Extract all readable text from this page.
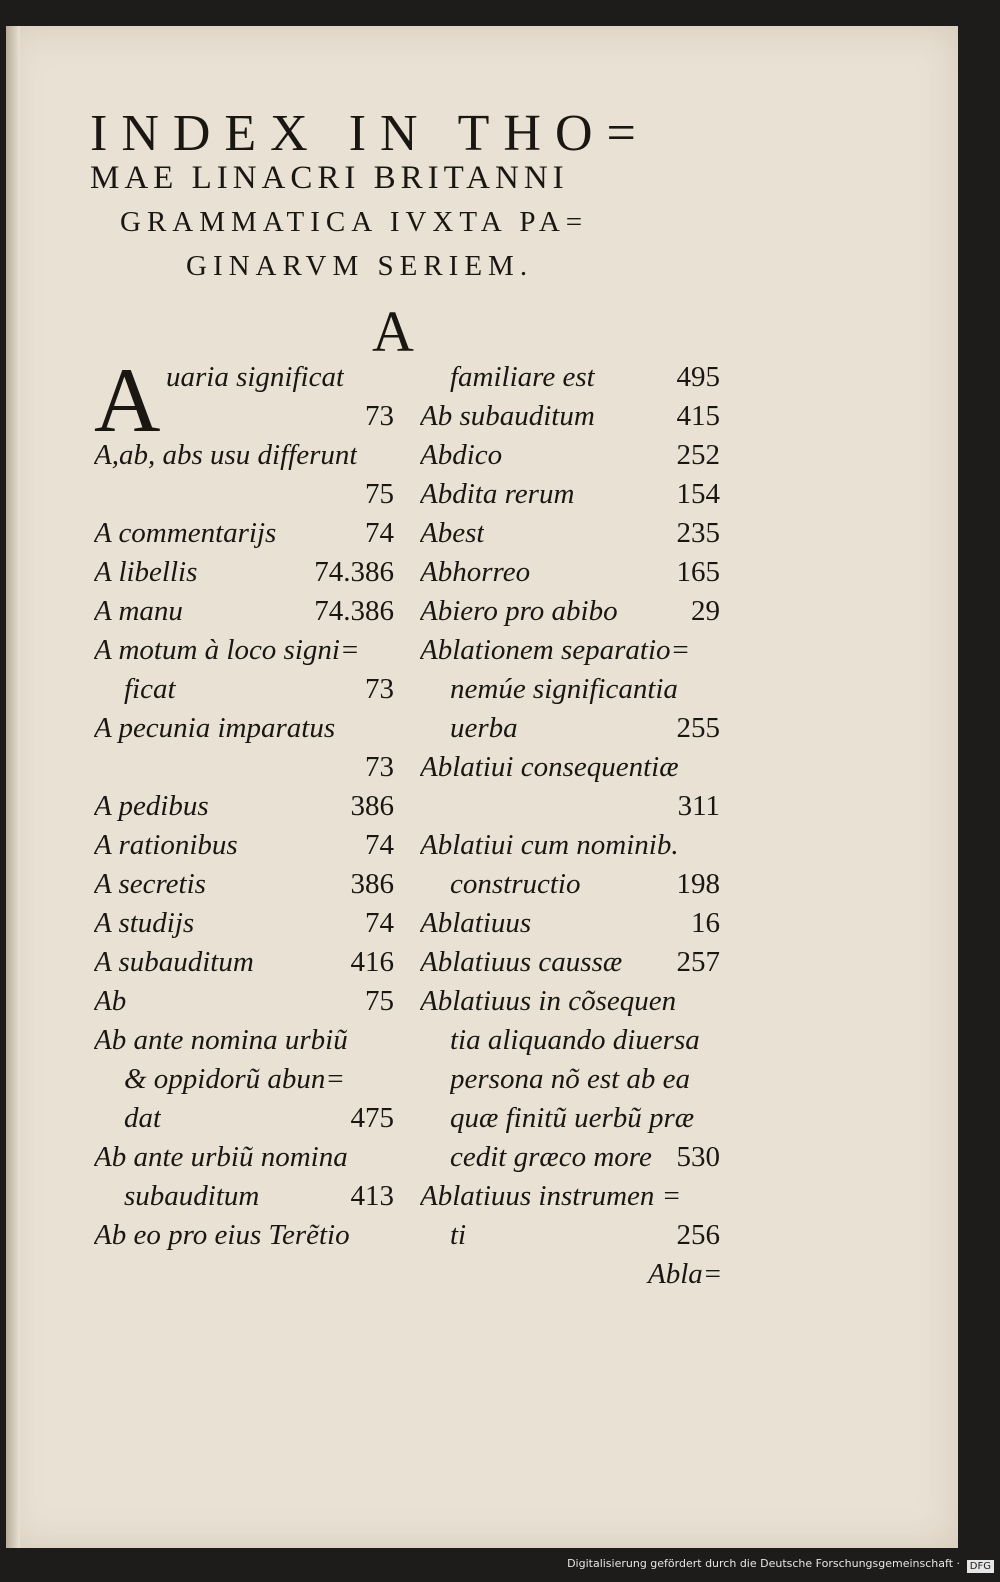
INDEX IN THO=
MAE LINACRI BRITANNI
GRAMMATICA IVXTA PA=
GINARVM SERIEM.
A
A uaria significat
73
A,ab, abs usu differunt
75
A commentarijs	74
A libellis	74.386
A manu	74.386
A motum à loco signi=
ficat	73
A pecunia imparatus
73
A pedibus	386
A rationibus	74
A secretis	386
A studijs	74
A subauditum	416
Ab	75
Ab ante nomina urbiũ
& oppidorũ abun=
dat	475
Ab ante urbiũ nomina
subauditum	413
Ab eo pro eius Terẽtio
familiare est	495
Ab subauditum	415
Abdico	252
Abdita rerum	154
Abest	235
Abhorreo	165
Abiero pro abibo	29
Ablationem separatio=
nemúe significantia
uerba	255
Ablatiui consequentiæ
311
Ablatiui cum nominib.
constructio	198
Ablatiuus	16
Ablatiuus caussæ 257
Ablatiuus in cõsequen
tia aliquando diuersa
persona nõ est ab ea
quæ finitũ uerbũ præ
cedit græco more 530
Ablatiuus instrumen =
ti	256
Abla=
Digitalisierung gefördert durch die Deutsche Forschungsgemeinschaft · DFG
